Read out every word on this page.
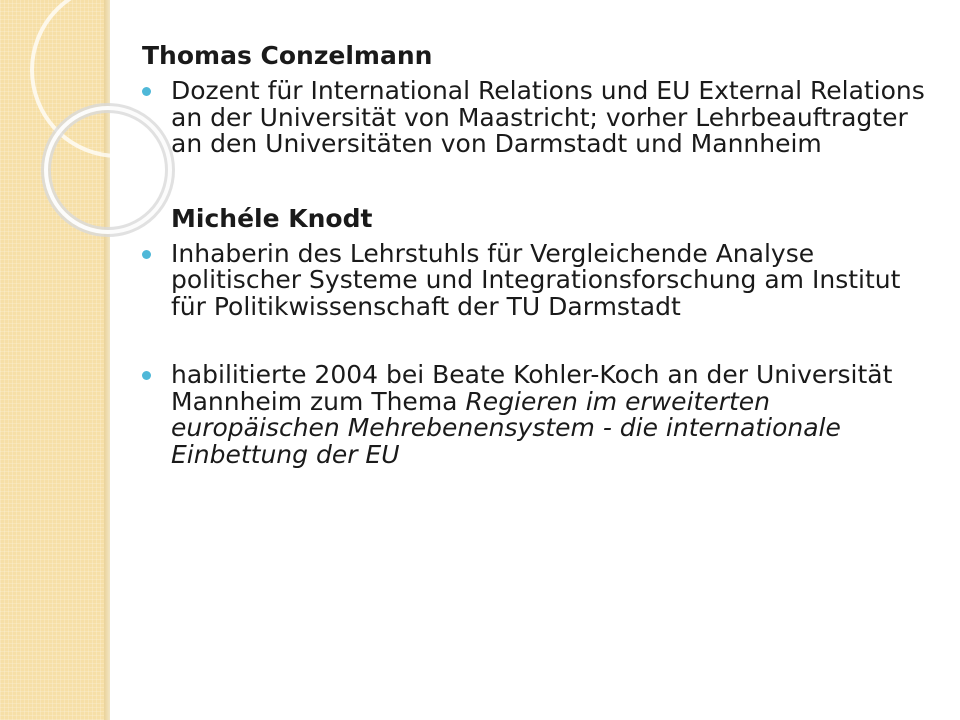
Thomas Conzelmann
Dozent für International Relations und EU External Relations an der Universität von Maastricht; vorher Lehrbeauftragter an den Universitäten von Darmstadt und Mannheim
Michéle Knodt
Inhaberin des Lehrstuhls für Vergleichende Analyse politischer Systeme und Integrationsforschung am Institut für Politikwissenschaft der TU Darmstadt
habilitierte 2004 bei Beate Kohler-Koch an der Universität Mannheim zum Thema Regieren im erweiterten europäischen Mehrebenensystem - die internationale Einbettung der EU
